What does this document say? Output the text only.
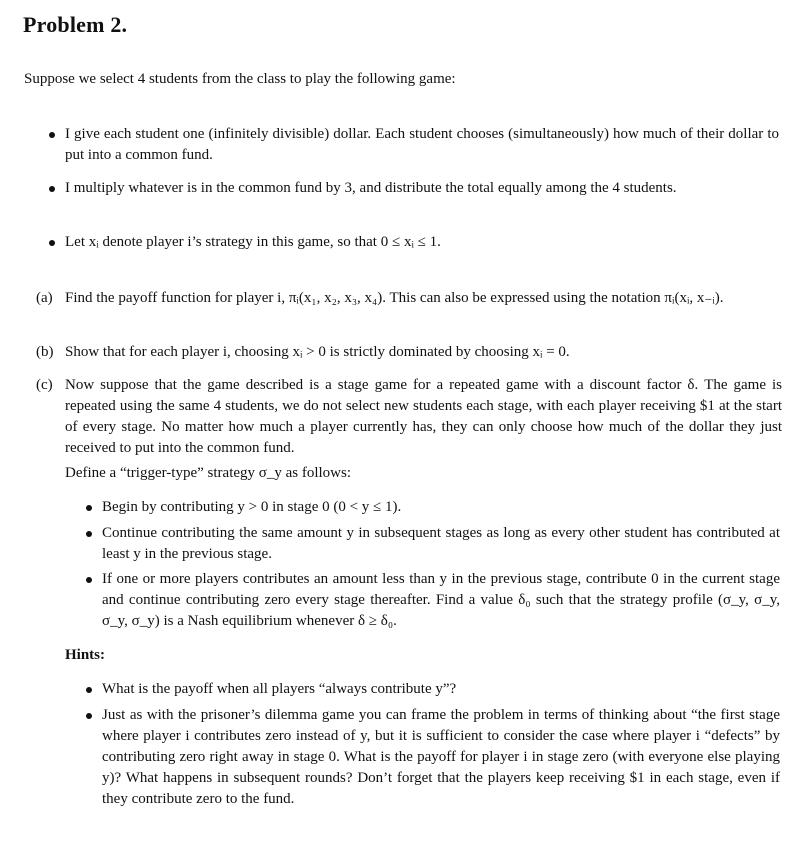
Problem 2.
Suppose we select 4 students from the class to play the following game:
I give each student one (infinitely divisible) dollar. Each student chooses (simultaneously) how much of their dollar to put into a common fund.
I multiply whatever is in the common fund by 3, and distribute the total equally among the 4 students.
Let xᵢ denote player i’s strategy in this game, so that 0 ≤ xᵢ ≤ 1.
(a) Find the payoff function for player i, πᵢ(x₁, x₂, x₃, x₄). This can also be expressed using the notation πᵢ(xᵢ, x₋ᵢ).
(b) Show that for each player i, choosing xᵢ > 0 is strictly dominated by choosing xᵢ = 0.
(c) Now suppose that the game described is a stage game for a repeated game with a discount factor δ. The game is repeated using the same 4 students, we do not select new students each stage, with each player receiving $1 at the start of every stage. No matter how much a player currently has, they can only choose how much of the dollar they just received to put into the common fund.
Define a “trigger-type” strategy σ_y as follows:
Begin by contributing y > 0 in stage 0 (0 < y ≤ 1).
Continue contributing the same amount y in subsequent stages as long as every other student has contributed at least y in the previous stage.
If one or more players contributes an amount less than y in the previous stage, contribute 0 in the current stage and continue contributing zero every stage thereafter. Find a value δ₀ such that the strategy profile (σ_y, σ_y, σ_y, σ_y) is a Nash equilibrium whenever δ ≥ δ₀.
Hints:
What is the payoff when all players “always contribute y”?
Just as with the prisoner’s dilemma game you can frame the problem in terms of thinking about “the first stage where player i contributes zero instead of y, but it is sufficient to consider the case where player i “defects” by contributing zero right away in stage 0. What is the payoff for player i in stage zero (with everyone else playing y)? What happens in subsequent rounds? Don’t forget that the players keep receiving $1 in each stage, even if they contribute zero to the fund.
